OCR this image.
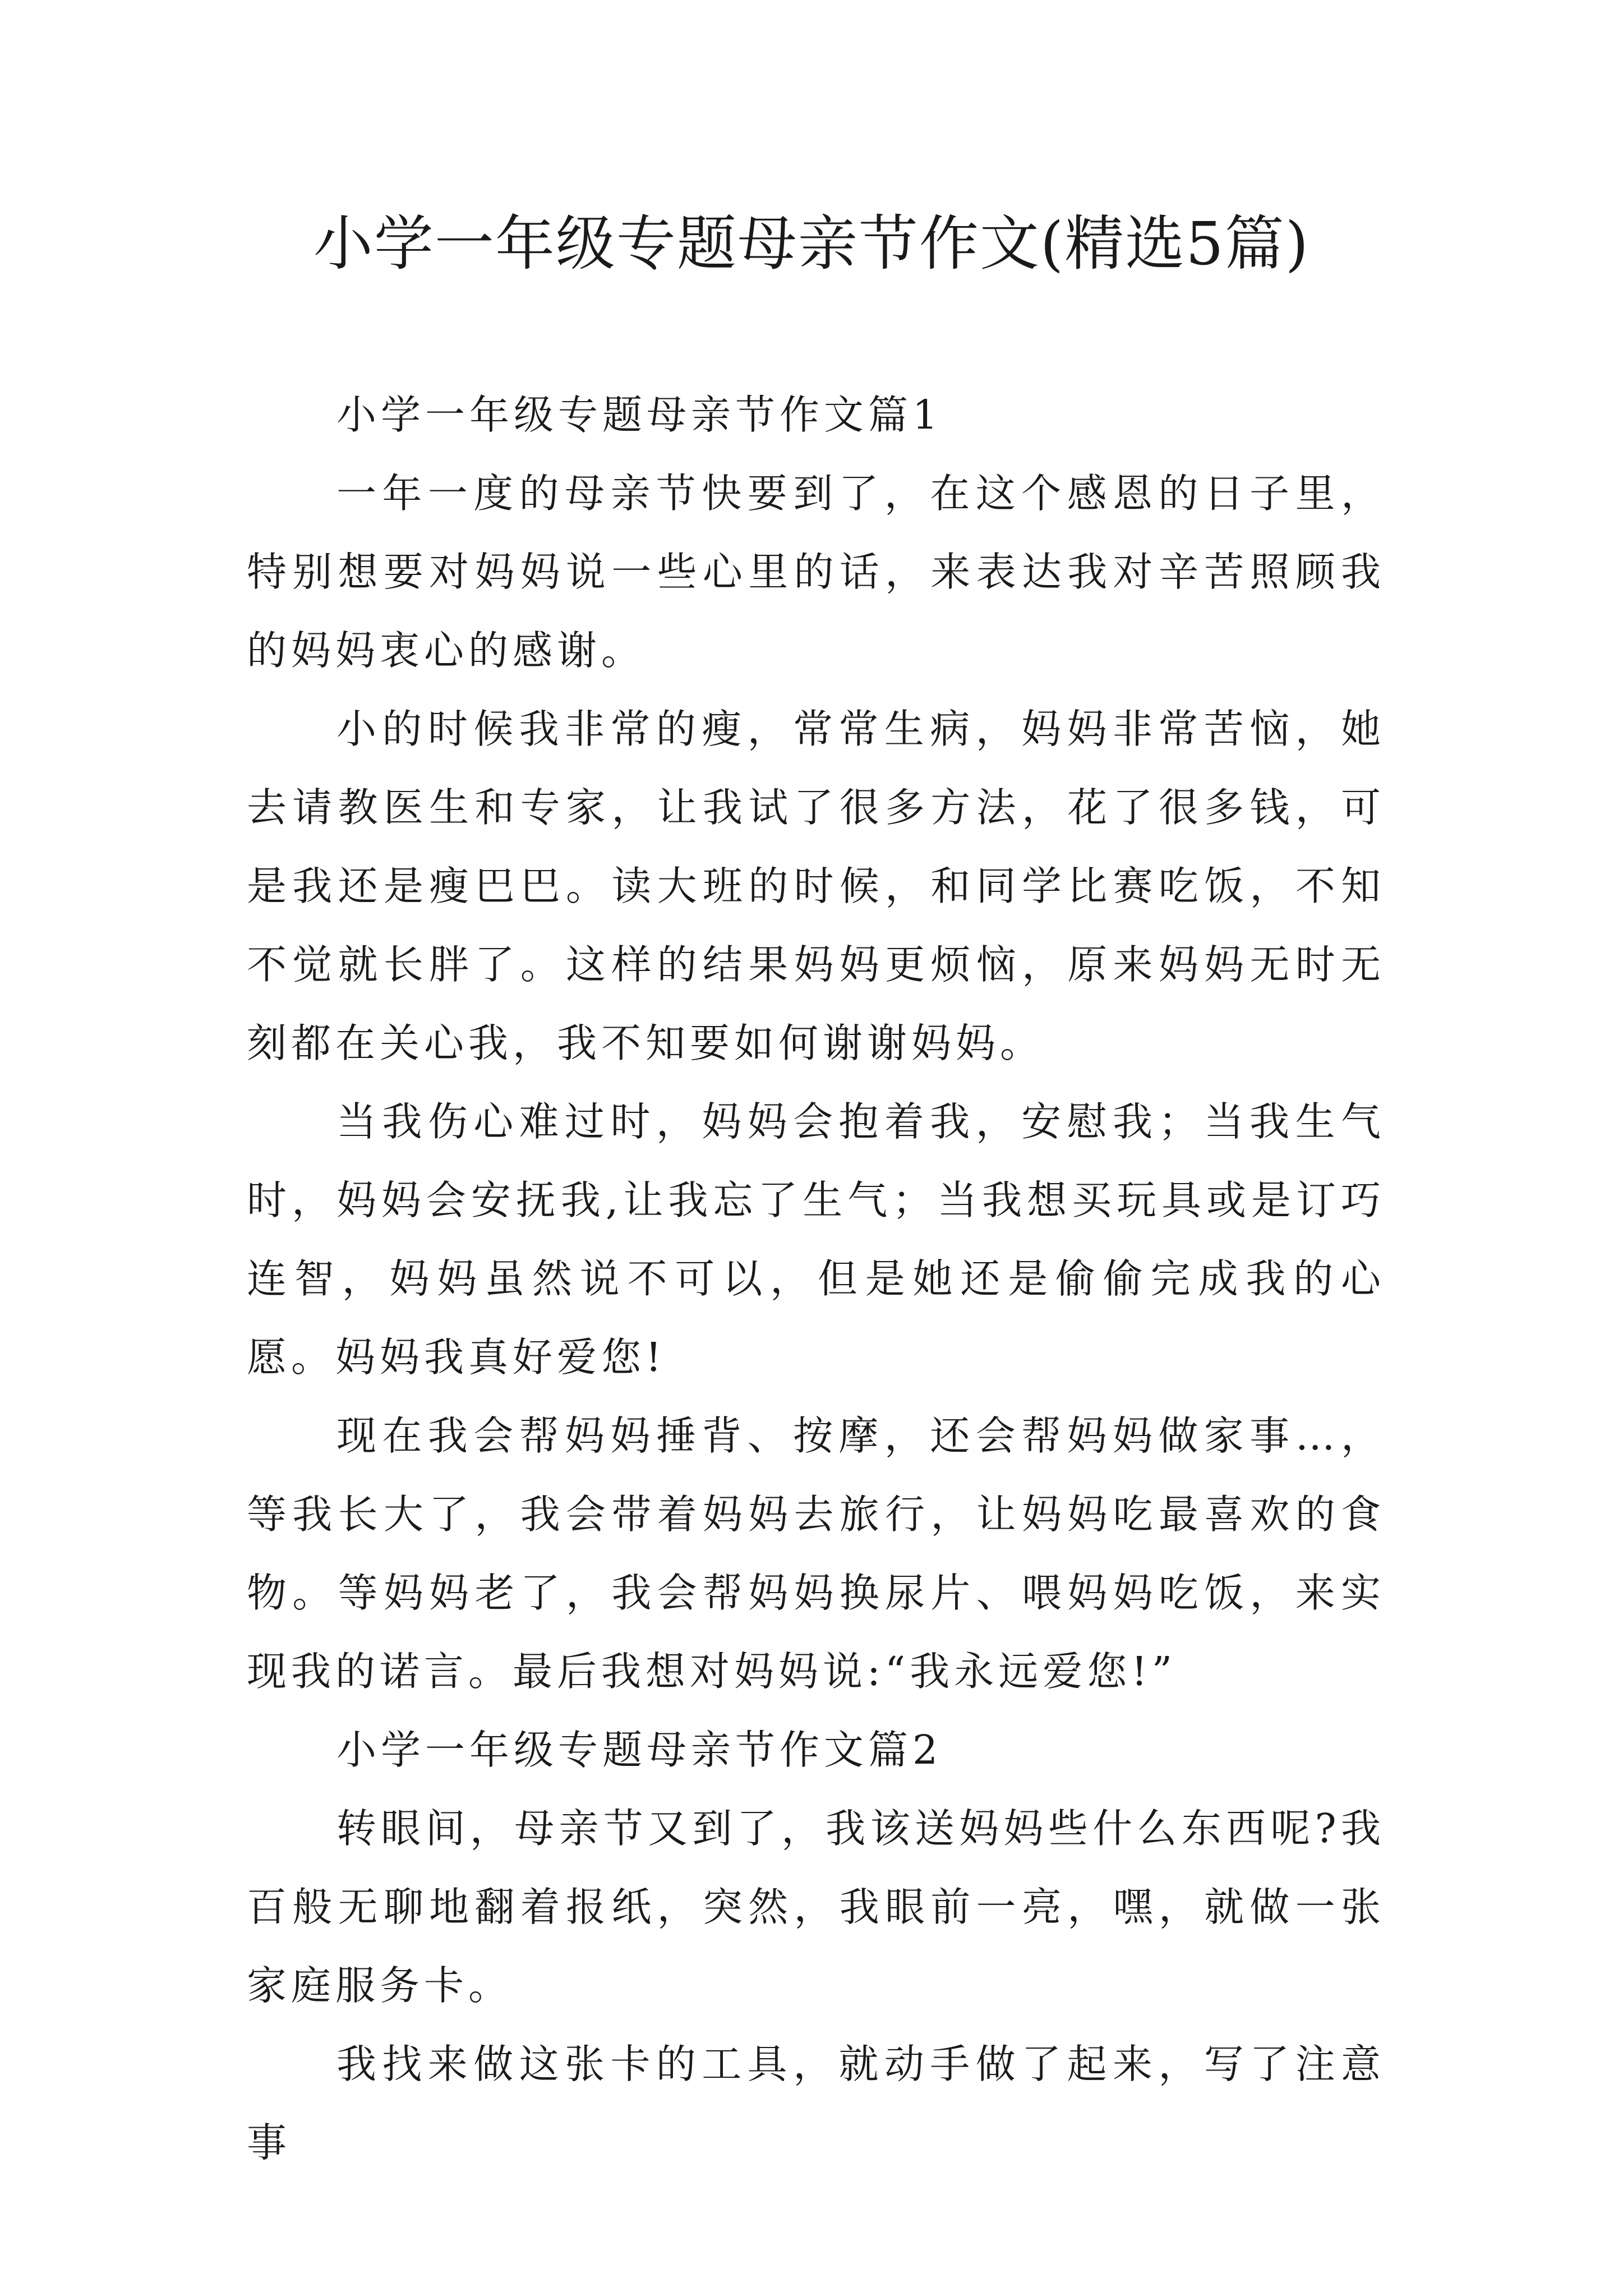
小学一年级专题母亲节作文(精选5篇)

小学一年级专题母亲节作文篇1

一年一度的母亲节快要到了，在这个感恩的日子里，特别想要对妈妈说一些心里的话，来表达我对辛苦照顾我的妈妈衷心的感谢。

小的时候我非常的瘦，常常生病，妈妈非常苦恼，她去请教医生和专家，让我试了很多方法，花了很多钱，可是我还是瘦巴巴。读大班的时候，和同学比赛吃饭，不知不觉就长胖了。这样的结果妈妈更烦恼，原来妈妈无时无刻都在关心我，我不知要如何谢谢妈妈。

当我伤心难过时，妈妈会抱着我，安慰我；当我生气时，妈妈会安抚我,让我忘了生气；当我想买玩具或是订巧连智，妈妈虽然说不可以，但是她还是偷偷完成我的心愿。妈妈我真好爱您!

现在我会帮妈妈捶背、按摩，还会帮妈妈做家事…，等我长大了，我会带着妈妈去旅行，让妈妈吃最喜欢的食物。等妈妈老了，我会帮妈妈换尿片、喂妈妈吃饭，来实现我的诺言。最后我想对妈妈说:“我永远爱您!”

小学一年级专题母亲节作文篇2

转眼间，母亲节又到了，我该送妈妈些什么东西呢?我百般无聊地翻着报纸，突然，我眼前一亮，嘿，就做一张家庭服务卡。

我找来做这张卡的工具，就动手做了起来，写了注意事
